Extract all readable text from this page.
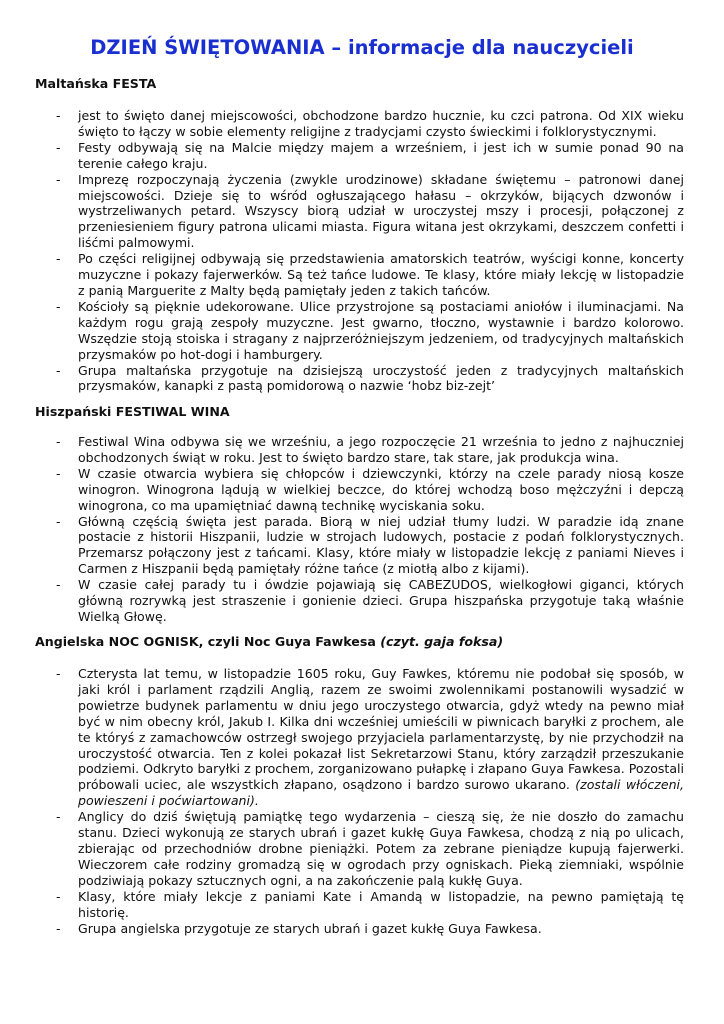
DZIEŃ ŚWIĘTOWANIA – informacje dla nauczycieli
Maltańska FESTA
- jest to święto danej miejscowości, obchodzone bardzo hucznie, ku czci patrona. Od XIX wieku święto to łączy w sobie elementy religijne z tradycjami czysto świeckimi i folklorystycznymi.
- Festy odbywają się na Malcie między majem a wrześniem, i jest ich w sumie ponad 90 na terenie całego kraju.
- Imprezę rozpoczynają życzenia (zwykle urodzinowe) składane świętemu – patronowi danej miejscowości. Dzieje się to wśród ogłuszającego hałasu – okrzyków, bijących dzwonów i wystrzeliwanych petard. Wszyscy biorą udział w uroczystej mszy i procesji, połączonej z przeniesieniem figury patrona ulicami miasta. Figura witana jest okrzykami, deszczem confetti i liśćmi palmowymi.
- Po części religijnej odbywają się przedstawienia amatorskich teatrów, wyścigi konne, koncerty muzyczne i pokazy fajerwerków. Są też tańce ludowe. Te klasy, które miały lekcję w listopadzie z panią Marguerite z Malty będą pamiętały jeden z takich tańców.
- Kościoły są pięknie udekorowane. Ulice przystrojone są postaciami aniołów i iluminacjami. Na każdym rogu grają zespoły muzyczne. Jest gwarno, tłoczno, wystawnie i bardzo kolorowo. Wszędzie stoją stoiska i stragany z najprzeróżniejszym jedzeniem, od tradycyjnych maltańskich przysmaków po hot-dogi i hamburgery.
- Grupa maltańska przygotuje na dzisiejszą uroczystość jeden z tradycyjnych maltańskich przysmaków, kanapki z pastą pomidorową o nazwie ‘hobz biz-zejt’
Hiszpański FESTIWAL WINA
- Festiwal Wina odbywa się we wrześniu, a jego rozpoczęcie 21 września to jedno z najhuczniej obchodzonych świąt w roku. Jest to święto bardzo stare, tak stare, jak produkcja wina.
- W czasie otwarcia wybiera się chłopców i dziewczynki, którzy na czele parady niosą kosze winogron. Winogrona lądują w wielkiej beczce, do której wchodzą boso mężczyźni i depczą winogrona, co ma upamiętniać dawną technikę wyciskania soku.
- Główną częścią święta jest parada. Biorą w niej udział tłumy ludzi. W paradzie idą znane postacie z historii Hiszpanii, ludzie w strojach ludowych, postacie z podań folklorystycznych. Przemarsz połączony jest z tańcami. Klasy, które miały w listopadzie lekcję z paniami Nieves i Carmen z Hiszpanii będą pamiętały różne tańce (z miotłą albo z kijami).
- W czasie całej parady tu i ówdzie pojawiają się CABEZUDOS, wielkogłowi giganci, których główną rozrywką jest straszenie i gonienie dzieci. Grupa hiszpańska przygotuje taką właśnie Wielką Głowę.
Angielska NOC OGNISK, czyli Noc Guya Fawkesa (czyt. gaja foksa)
- Czterysta lat temu, w listopadzie 1605 roku, Guy Fawkes, któremu nie podobał się sposób, w jaki król i parlament rządzili Anglią, razem ze swoimi zwolennikami postanowili wysadzić w powietrze budynek parlamentu w dniu jego uroczystego otwarcia, gdyż wtedy na pewno miał być w nim obecny król, Jakub I. Kilka dni wcześniej umieścili w piwnicach baryłki z prochem, ale te któryś z zamachowców ostrzegł swojego przyjaciela parlamentarzystę, by nie przychodził na uroczystość otwarcia. Ten z kolei pokazał list Sekretarzowi Stanu, który zarządził przeszukanie podziemi. Odkryto baryłki z prochem, zorganizowano pułapkę i złapano Guya Fawkesa. Pozostali próbowali uciec, ale wszystkich złapano, osądzono i bardzo surowo ukarano. (zostali włóczeni, powieszeni i poćwiartowani).
- Anglicy do dziś świętują pamiątkę tego wydarzenia – cieszą się, że nie doszło do zamachu stanu. Dzieci wykonują ze starych ubrań i gazet kukłę Guya Fawkesa, chodzą z nią po ulicach, zbierając od przechodniów drobne pieniążki. Potem za zebrane pieniądze kupują fajerwerki. Wieczorem całe rodziny gromadzą się w ogrodach przy ogniskach. Pieką ziemniaki, wspólnie podziwiają pokazy sztucznych ogni, a na zakończenie palą kukłę Guya.
- Klasy, które miały lekcje z paniami Kate i Amandą w listopadzie, na pewno pamiętają tę historię.
- Grupa angielska przygotuje ze starych ubrań i gazet kukłę Guya Fawkesa.
